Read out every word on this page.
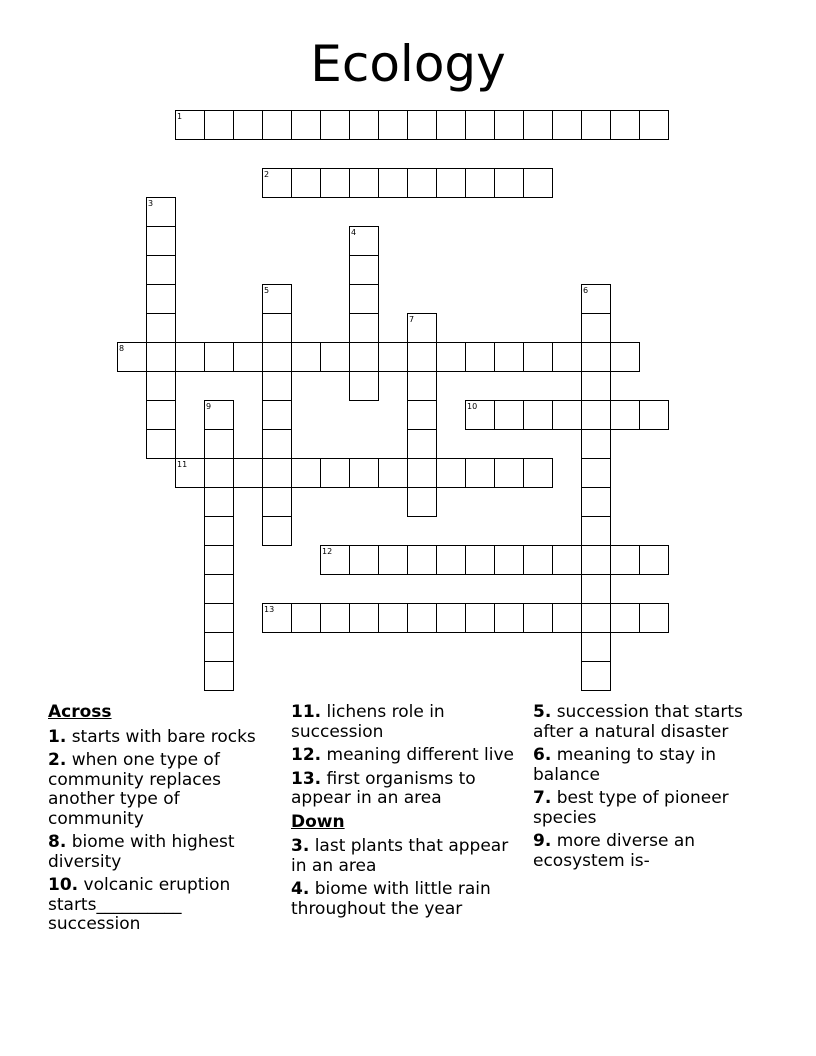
Ecology
1
2
3
4
5	6
7
8
9	10
11
12
13
Across
1. starts with bare rocks
2. when one type of community replaces another type of community
8. biome with highest diversity
10. volcanic eruption starts__________ succession
11. lichens role in succession
12. meaning different live
13. first organisms to appear in an area
Down
3. last plants that appear in an area
4. biome with little rain throughout the year
5. succession that starts after a natural disaster
6. meaning to stay in balance
7. best type of pioneer species
9. more diverse an ecosystem is-
